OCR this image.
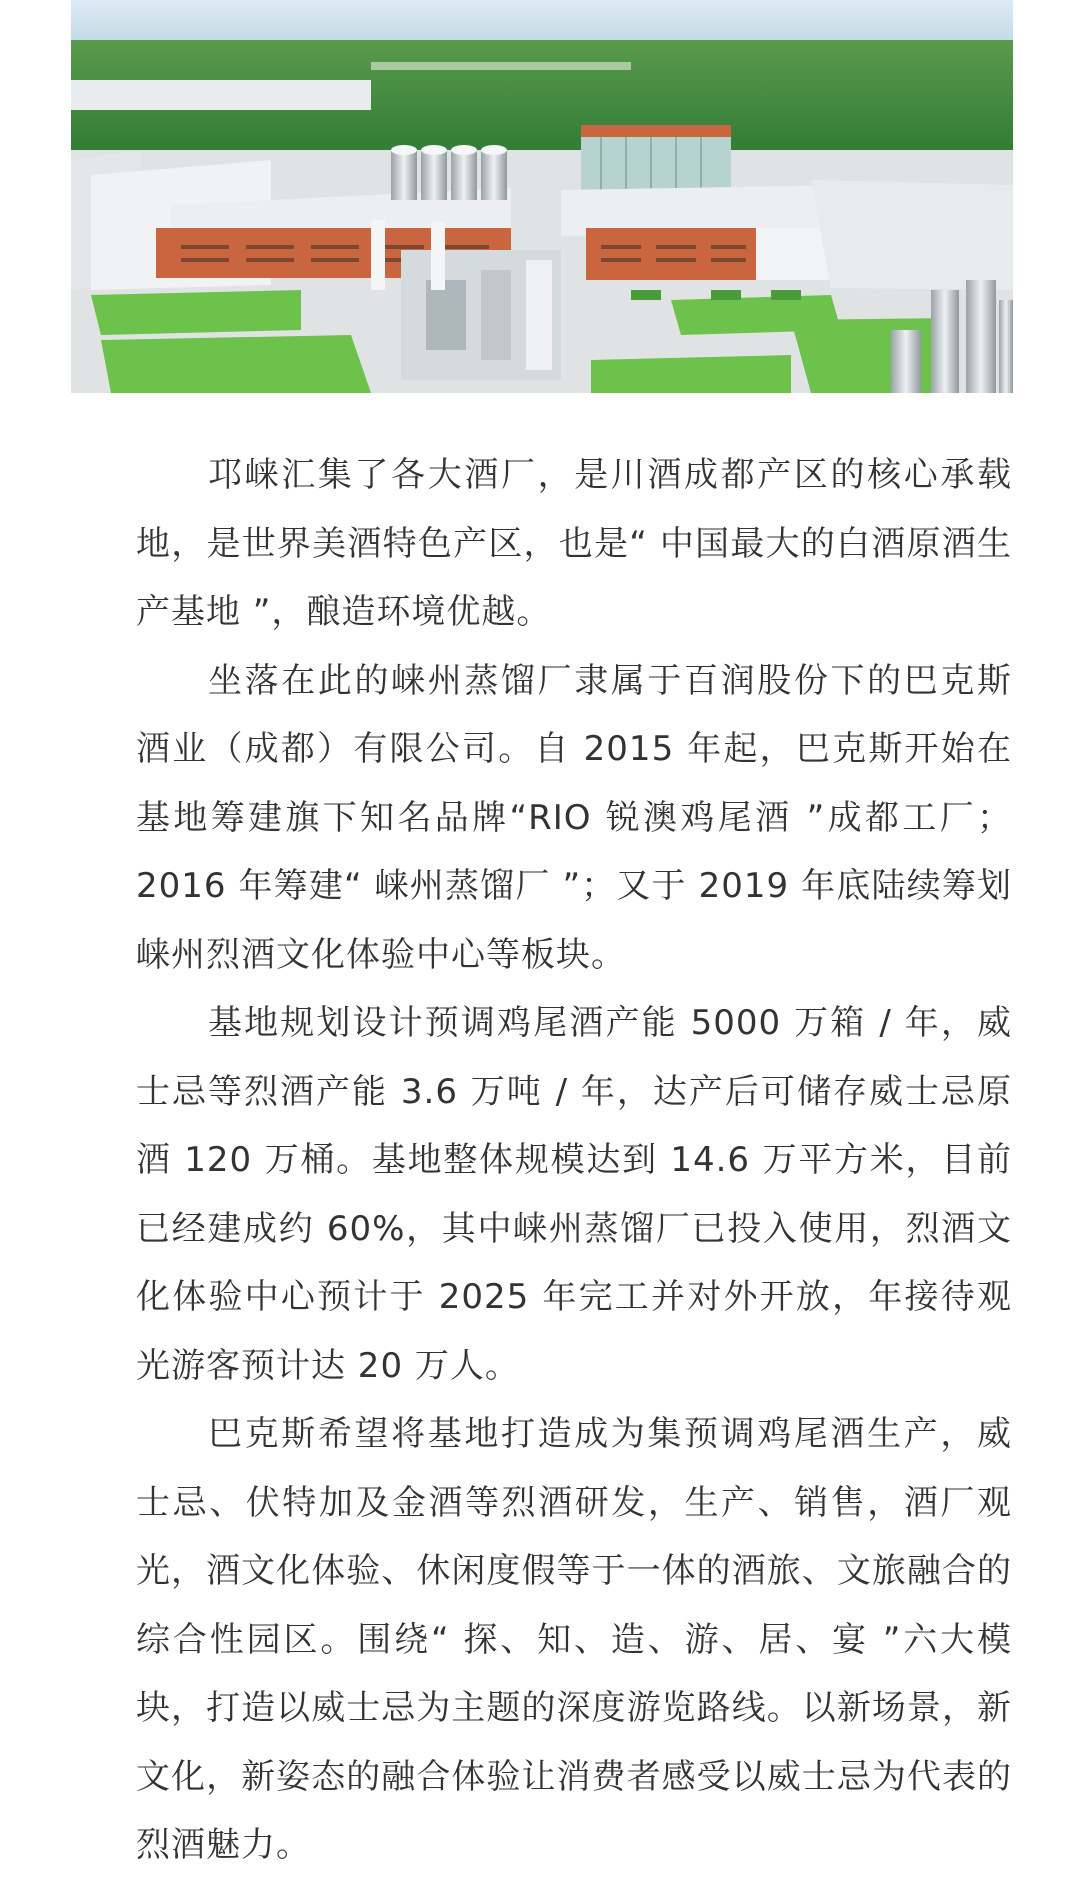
邛崃汇集了各大酒厂，是川酒成都产区的核心承载地，是世界美酒特色产区，也是“ 中国最大的白酒原酒生产基地 ”，酿造环境优越。

坐落在此的崃州蒸馏厂隶属于百润股份下的巴克斯酒业（成都）有限公司。自 2015 年起，巴克斯开始在基地筹建旗下知名品牌“RIO 锐澳鸡尾酒 ”成都工厂；2016 年筹建“ 崃州蒸馏厂 ”；又于 2019 年底陆续筹划崃州烈酒文化体验中心等板块。

基地规划设计预调鸡尾酒产能 5000 万箱 / 年，威士忌等烈酒产能 3.6 万吨 / 年，达产后可储存威士忌原酒 120 万桶。基地整体规模达到 14.6 万平方米，目前已经建成约 60%，其中崃州蒸馏厂已投入使用，烈酒文化体验中心预计于 2025 年完工并对外开放，年接待观光游客预计达 20 万人。

巴克斯希望将基地打造成为集预调鸡尾酒生产，威士忌、伏特加及金酒等烈酒研发，生产、销售，酒厂观光，酒文化体验、休闲度假等于一体的酒旅、文旅融合的综合性园区。围绕“ 探、知、造、游、居、宴 ”六大模块，打造以威士忌为主题的深度游览路线。以新场景，新文化，新姿态的融合体验让消费者感受以威士忌为代表的烈酒魅力。
